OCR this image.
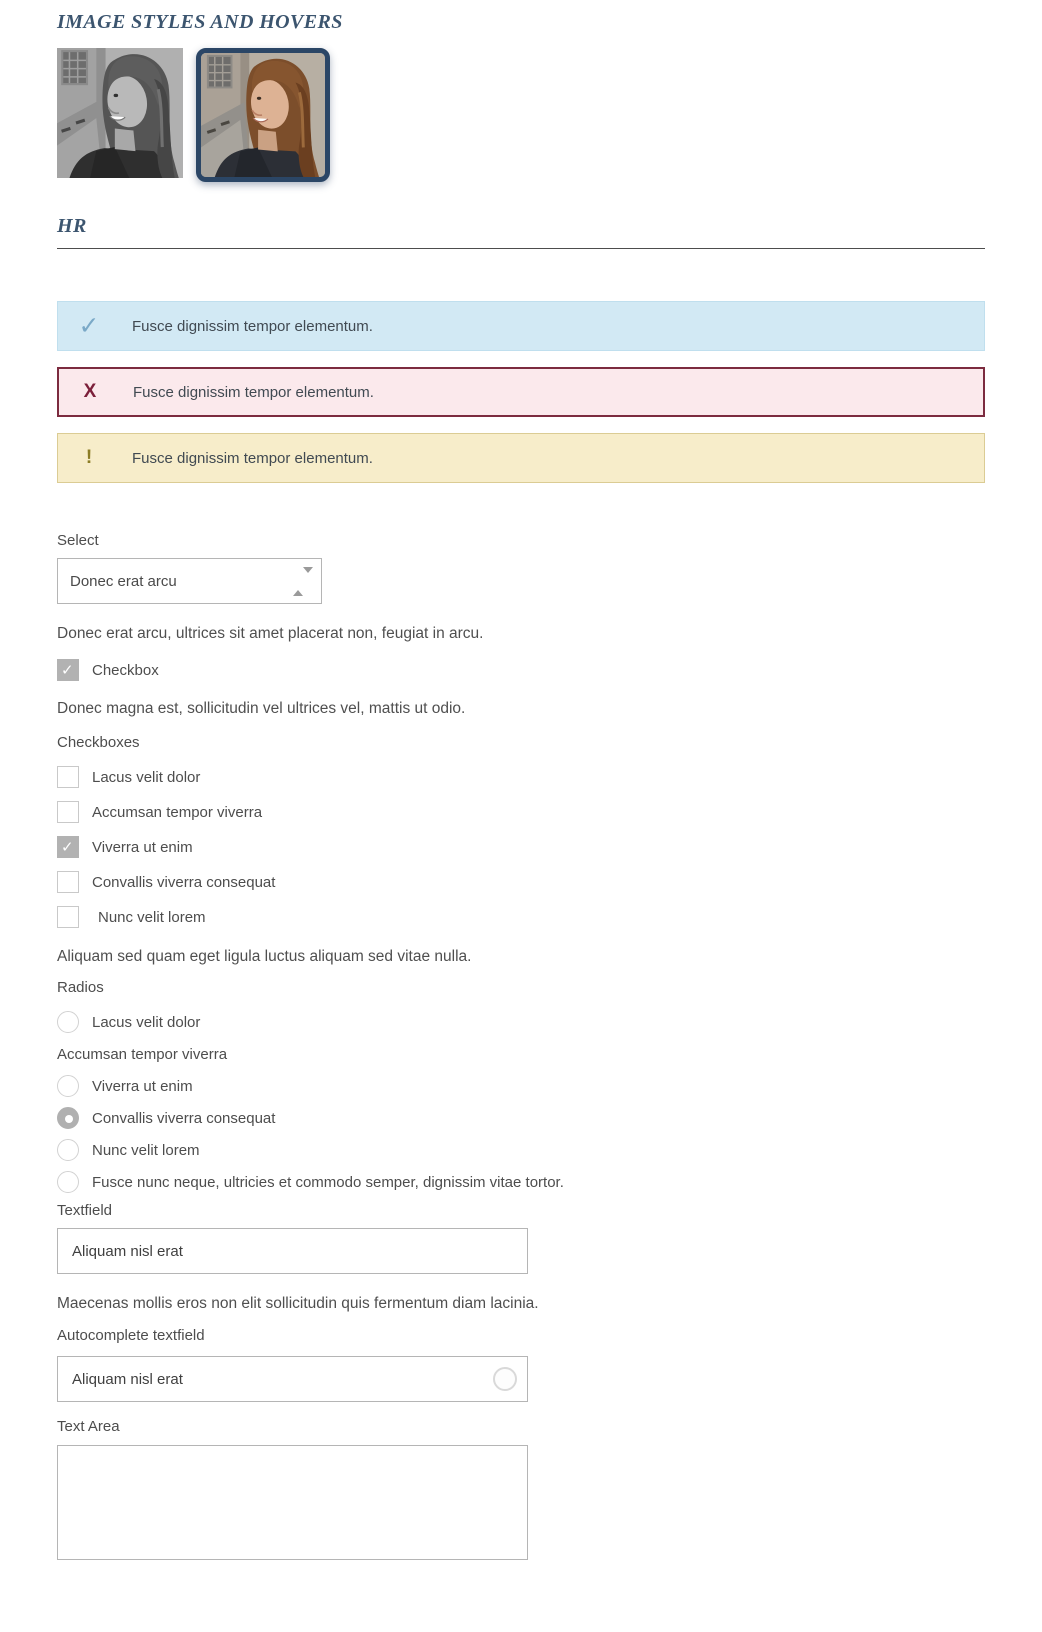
IMAGE STYLES AND HOVERS
HR
✓ Fusce dignissim tempor elementum.
X	Fusce dignissim tempor elementum.
!	Fusce dignissim tempor elementum.
Select
Donec erat arcu
Donec erat arcu, ultrices sit amet placerat non, feugiat in arcu.
✓
Checkbox
Donec magna est, sollicitudin vel ultrices vel, mattis ut odio.
Checkboxes
Lacus velit dolor
Accumsan tempor viverra
✓
Viverra ut enim
Convallis viverra consequat
Nunc velit lorem
Aliquam sed quam eget ligula luctus aliquam sed vitae nulla.
Radios
Lacus velit dolor
Accumsan tempor viverra
Viverra ut enim
Convallis viverra consequat
Nunc velit lorem
Fusce nunc neque, ultricies et commodo semper, dignissim vitae tortor.
Textfield
Aliquam nisl erat
Maecenas mollis eros non elit sollicitudin quis fermentum diam lacinia.
Autocomplete textfield
Aliquam nisl erat
Text Area
